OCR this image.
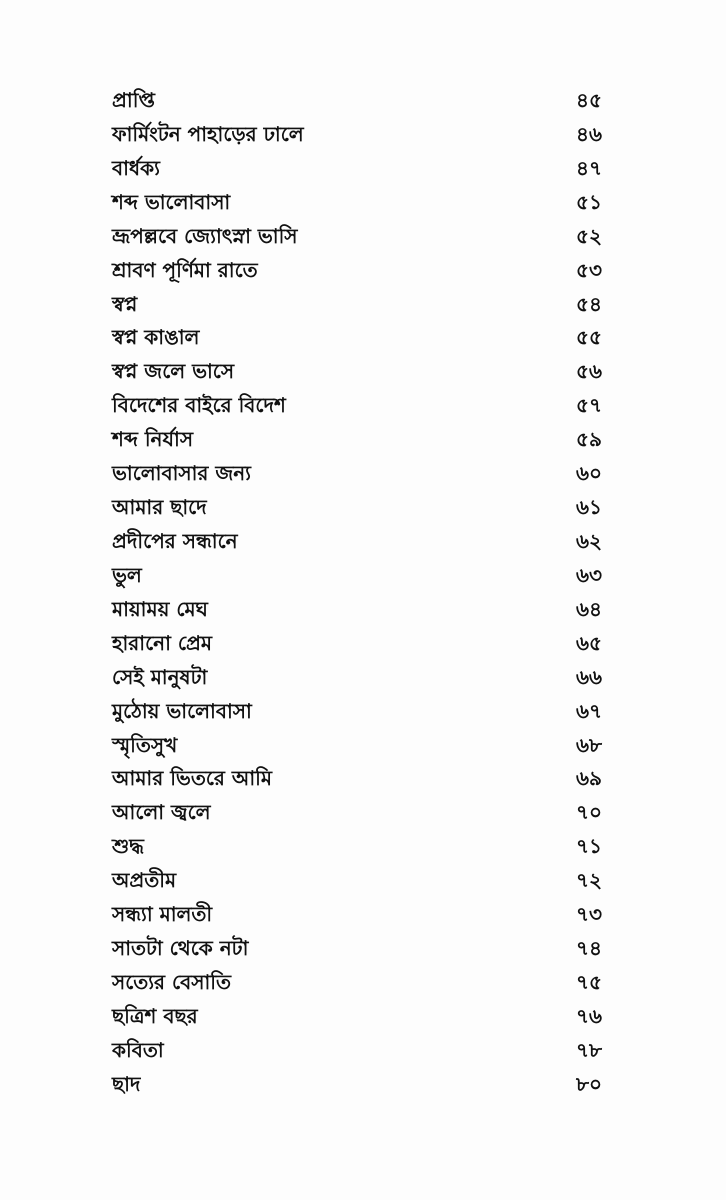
প্রাপ্তি	৪৫
ফার্মিংটন পাহাড়ের ঢালে	৪৬
বার্ধক্য	৪৭
শব্দ ভালোবাসা	৫১
ভ্রূপল্লবে জ্যোৎস্না ভাসি	৫২
শ্রাবণ পূর্ণিমা রাতে	৫৩
স্বপ্ন	৫৪
স্বপ্ন কাঙাল	৫৫
স্বপ্ন জলে ভাসে	৫৬
বিদেশের বাইরে বিদেশ	৫৭
শব্দ নির্যাস	৫৯
ভালোবাসার জন্য	৬০
আমার ছাদে	৬১
প্রদীপের সন্ধানে	৬২
ভুল	৬৩
মায়াময় মেঘ	৬৪
হারানো প্রেম	৬৫
সেই মানুষটা	৬৬
মুঠোয় ভালোবাসা	৬৭
স্মৃতিসুখ	৬৮
আমার ভিতরে আমি	৬৯
আলো জ্বলে	৭০
শুদ্ধ	৭১
অপ্রতীম	৭২
সন্ধ্যা মালতী	৭৩
সাতটা থেকে নটা	৭৪
সত্যের বেসাতি	৭৫
ছত্রিশ বছর	৭৬
কবিতা	৭৮
ছাদ	৮০
